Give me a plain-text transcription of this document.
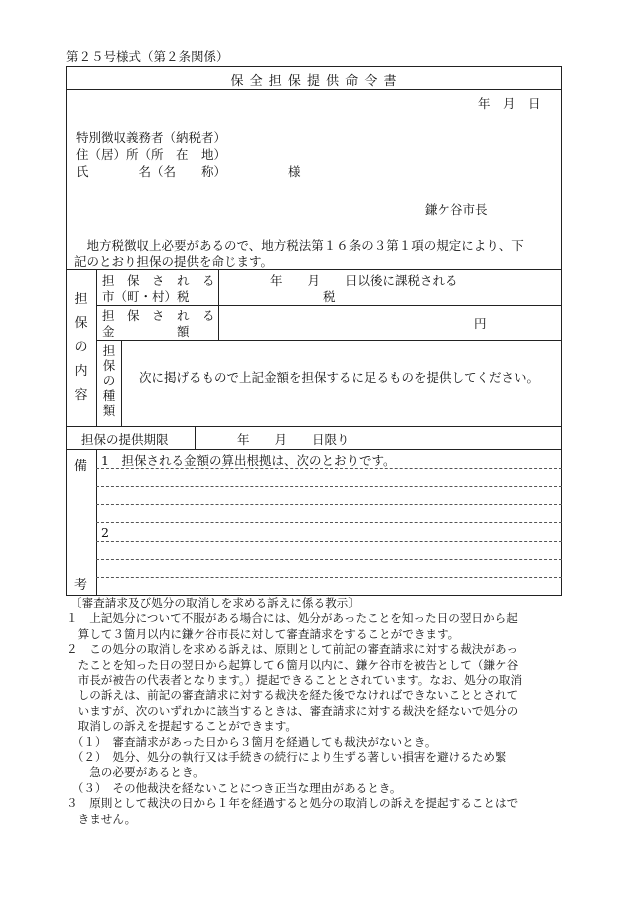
第２５号様式（第２条関係）
保 全 担 保 提 供 命 令 書
年　月　日
特別徴収義務者（納税者）
住（居）所（所　在　地）
氏　　　　名（名　　称）	様
鎌ケ谷市長
　地方税徴収上必要があるので、地方税法第１６条の３第１項の規定により、下
記のとおり担保の提供を命じます。
担
保
の
内
容
担　保　さ　れ　る
市（町・村）税
年　　月　　日以後に課税される
税
担　保　さ　れ　る
金　　　　　額
円
担
保
の
種
類
次に掲げるもので上記金額を担保するに足るものを提供してください。
担保の提供期限	年　　月　　日限り
備
考
1　担保される金額の算出根拠は、次のとおりです。
2

〔審査請求及び処分の取消しを求める訴えに係る教示〕

１　上記処分について不服がある場合には、処分があったことを知った日の翌日から起

　算して３箇月以内に鎌ケ谷市長に対して審査請求をすることができます。

２　この処分の取消しを求める訴えは、原則として前記の審査請求に対する裁決があっ

　たことを知った日の翌日から起算して６箇月以内に、鎌ケ谷市を被告として（鎌ケ谷

　市長が被告の代表者となります。）提起できることとされています。なお、処分の取消

　しの訴えは、前記の審査請求に対する裁決を経た後でなければできないこととされて

　いますが、次のいずれかに該当するときは、審査請求に対する裁決を経ないで処分の

　取消しの訴えを提起することができます。

　（１）　審査請求があった日から３箇月を経過しても裁決がないとき。

　（２）　処分、処分の執行又は手続きの続行により生ずる著しい損害を避けるため緊

　　急の必要があるとき。

　（３）　その他裁決を経ないことにつき正当な理由があるとき。

３　原則として裁決の日から１年を経過すると処分の取消しの訴えを提起することはで

　きません。
